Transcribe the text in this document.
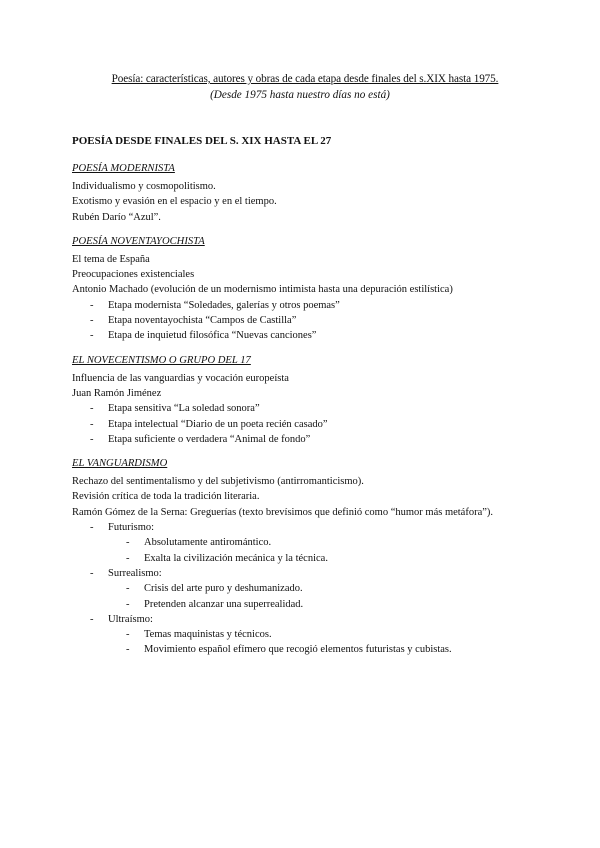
Poesía: características, autores y obras de cada etapa desde finales del s.XIX hasta 1975.
(Desde 1975 hasta nuestro días no está)
POESÍA DESDE FINALES DEL S. XIX HASTA EL 27
POESÍA MODERNISTA
Individualismo y cosmopolitismo.
Exotismo y evasión en el espacio y en el tiempo.
Rubén Darío “Azul”.
POESÍA NOVENTAYOCHISTA
El tema de España
Preocupaciones existenciales
Antonio Machado (evolución de un modernismo intimista hasta una depuración estilística)
- Etapa modernista “Soledades, galerías y otros poemas”
- Etapa noventayochista “Campos de Castilla”
- Etapa de inquietud filosófica “Nuevas canciones”
EL NOVECENTISMO O GRUPO DEL 17
Influencia de las vanguardias y vocación europeísta
Juan Ramón Jiménez
- Etapa sensitiva “La soledad sonora”
- Etapa intelectual “Diario de un poeta recién casado”
- Etapa suficiente o verdadera “Animal de fondo”
EL VANGUARDISMO
Rechazo del sentimentalismo y del subjetivismo (antirromanticismo).
Revisión crítica de toda la tradición literaria.
Ramón Gómez de la Serna: Greguerías (texto brevísimos que definió como “humor más metáfora”).
- Futurismo:
- Absolutamente antiromántico.
- Exalta la civilización mecánica y la técnica.
- Surrealismo:
- Crisis del arte puro y deshumanizado.
- Pretenden alcanzar una superrealidad.
- Ultraísmo:
- Temas maquinistas y técnicos.
- Movimiento español efímero que recogió elementos futuristas y cubistas.
